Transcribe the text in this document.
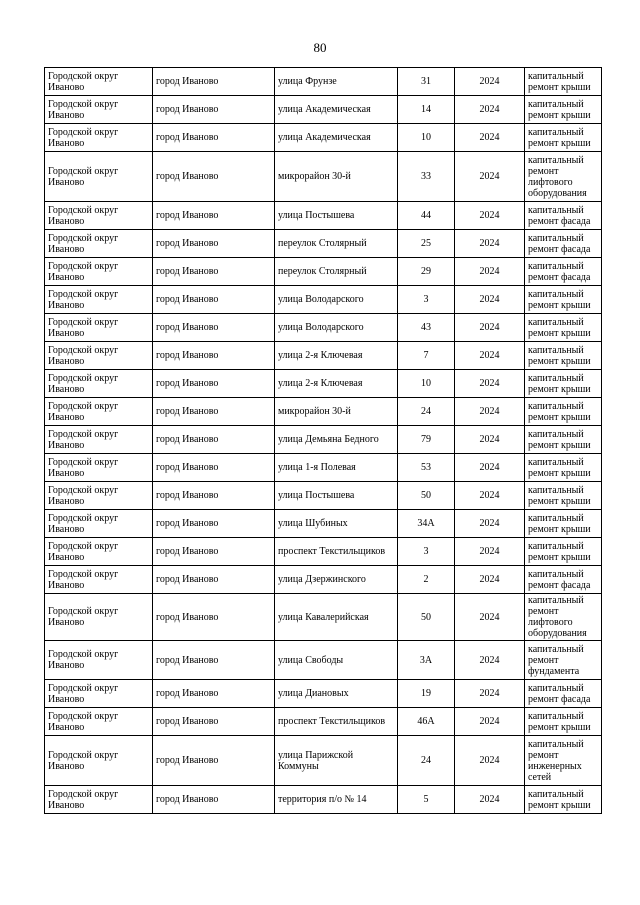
80
Городской округ Иваново	город Иваново	улица Фрунзе	31	2024	капитальный ремонт крыши
Городской округ Иваново	город Иваново	улица Академическая	14	2024	капитальный ремонт крыши
Городской округ Иваново	город Иваново	улица Академическая	10	2024	капитальный ремонт крыши
Городской округ Иваново	город Иваново	микрорайон 30-й	33	2024	капитальный ремонт лифтового оборудования
Городской округ Иваново	город Иваново	улица Постышева	44	2024	капитальный ремонт фасада
Городской округ Иваново	город Иваново	переулок Столярный	25	2024	капитальный ремонт фасада
Городской округ Иваново	город Иваново	переулок Столярный	29	2024	капитальный ремонт фасада
Городской округ Иваново	город Иваново	улица Володарского	3	2024	капитальный ремонт крыши
Городской округ Иваново	город Иваново	улица Володарского	43	2024	капитальный ремонт крыши
Городской округ Иваново	город Иваново	улица 2-я Ключевая	7	2024	капитальный ремонт крыши
Городской округ Иваново	город Иваново	улица 2-я Ключевая	10	2024	капитальный ремонт крыши
Городской округ Иваново	город Иваново	микрорайон 30-й	24	2024	капитальный ремонт крыши
Городской округ Иваново	город Иваново	улица Демьяна Бедного	79	2024	капитальный ремонт крыши
Городской округ Иваново	город Иваново	улица 1-я Полевая	53	2024	капитальный ремонт крыши
Городской округ Иваново	город Иваново	улица Постышева	50	2024	капитальный ремонт крыши
Городской округ Иваново	город Иваново	улица Шубиных	34А	2024	капитальный ремонт крыши
Городской округ Иваново	город Иваново	проспект Текстильщиков	3	2024	капитальный ремонт крыши
Городской округ Иваново	город Иваново	улица Дзержинского	2	2024	капитальный ремонт фасада
Городской округ Иваново	город Иваново	улица Кавалерийская	50	2024	капитальный ремонт лифтового оборудования
Городской округ Иваново	город Иваново	улица Свободы	3А	2024	капитальный ремонт фундамента
Городской округ Иваново	город Иваново	улица Диановых	19	2024	капитальный ремонт фасада
Городской округ Иваново	город Иваново	проспект Текстильщиков	46А	2024	капитальный ремонт крыши
Городской округ Иваново	город Иваново	улица Парижской Коммуны	24	2024	капитальный ремонт инженерных сетей
Городской округ Иваново	город Иваново	территория п/о № 14	5	2024	капитальный ремонт крыши
